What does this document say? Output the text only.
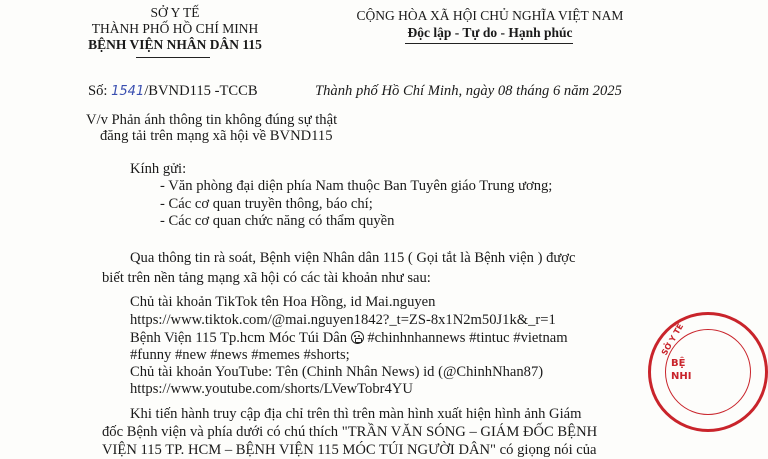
SỞ Y TẾ
THÀNH PHỐ HỒ CHÍ MINH
BỆNH VIỆN NHÂN DÂN 115
CỘNG HÒA XÃ HỘI CHỦ NGHĨA VIỆT NAM
Độc lập - Tự do - Hạnh phúc
Số: 1541/BVND115 -TCCB	Thành phố Hồ Chí Minh, ngày 08 tháng 6 năm 2025
V/v Phản ánh thông tin không đúng sự thật
đăng tải trên mạng xã hội về BVND115
Kính gửi:
- Văn phòng đại diện phía Nam thuộc Ban Tuyên giáo Trung ương;
- Các cơ quan truyền thông, báo chí;
- Các cơ quan chức năng có thẩm quyền
Qua thông tin rà soát, Bệnh viện Nhân dân 115 ( Gọi tắt là Bệnh viện ) được
biết trên nền tảng mạng xã hội có các tài khoản như sau:
Chủ tài khoản TikTok tên Hoa Hồng, id Mai.nguyen
https://www.tiktok.com/@mai.nguyen1842?_t=ZS-8x1N2m50J1k&_r=1
Bệnh Viện 115 Tp.hcm Móc Túi Dân #chinhnhannews #tintuc #vietnam
#funny #new #news #memes #shorts;
Chủ tài khoản YouTube: Tên (Chinh Nhân News) id (@ChinhNhan87)
https://www.youtube.com/shorts/LVewTobr4YU
Khi tiến hành truy cập địa chỉ trên thì trên màn hình xuất hiện hình ảnh Giám
đốc Bệnh viện và phía dưới có chú thích "TRẦN VĂN SÓNG – GIÁM ĐỐC BỆNH
VIỆN 115 TP. HCM – BỆNH VIỆN 115 MÓC TÚI NGƯỜI DÂN" có giọng nói của
SỞ Y TẾ
BỆ NHI
